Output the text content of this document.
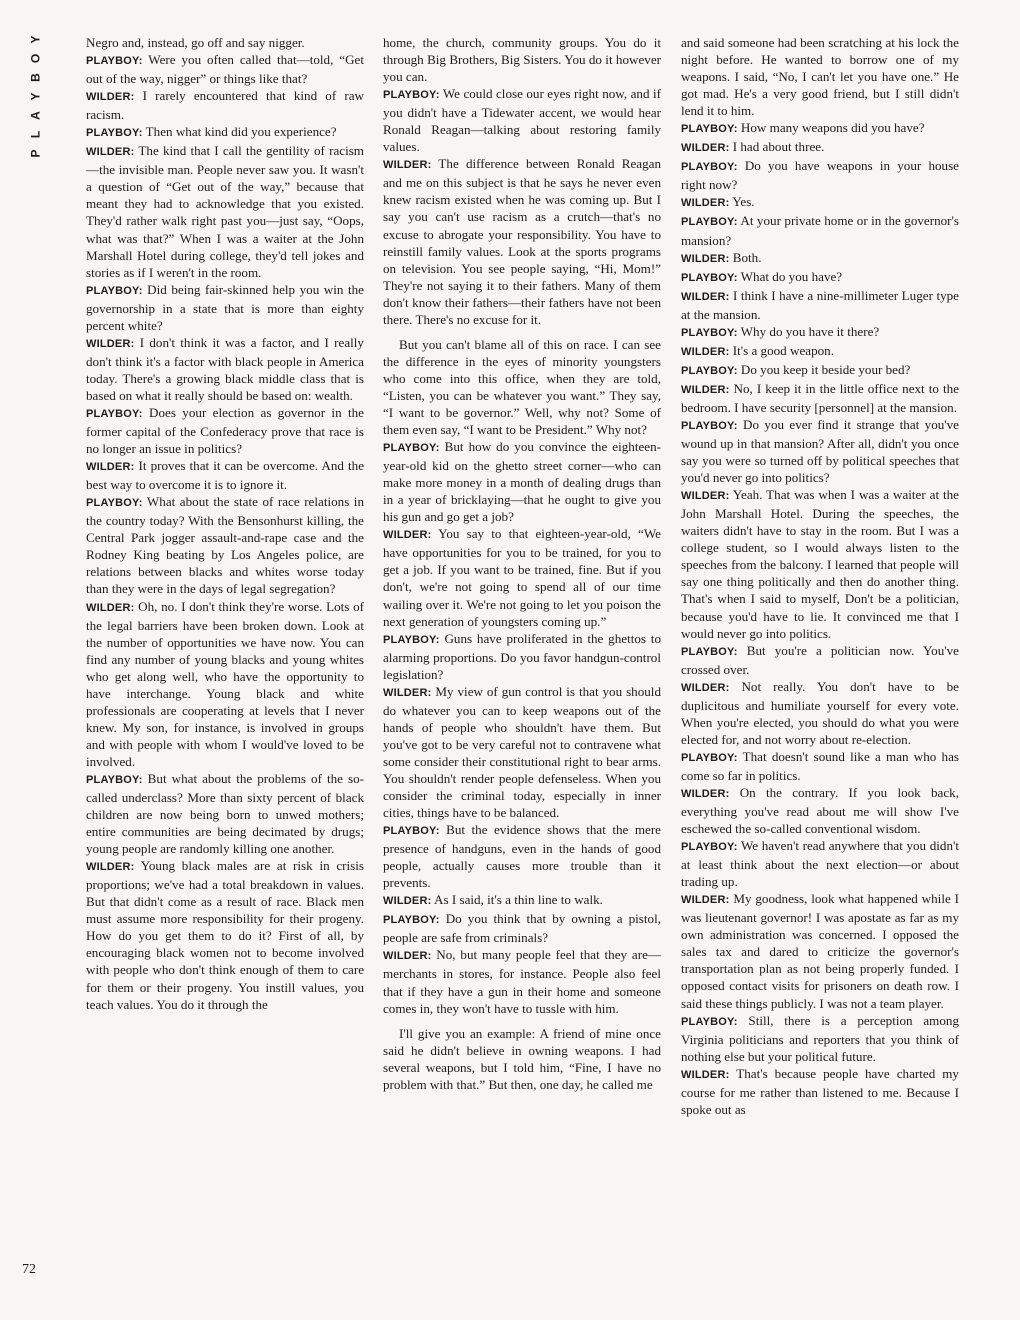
P
L
A
Y
B
O
Y
72

Negro and, instead, go off and say nigger.

PLAYBOY: Were you often called that—told, “Get out of the way, nigger” or things like that?

WILDER: I rarely encountered that kind of raw racism.

PLAYBOY: Then what kind did you experience?

WILDER: The kind that I call the gentility of racism—the invisible man. People never saw you. It wasn't a question of “Get out of the way,” because that meant they had to acknowledge that you existed. They'd rather walk right past you—just say, “Oops, what was that?” When I was a waiter at the John Marshall Hotel during college, they'd tell jokes and stories as if I weren't in the room.

PLAYBOY: Did being fair-skinned help you win the governorship in a state that is more than eighty percent white?

WILDER: I don't think it was a factor, and I really don't think it's a factor with black people in America today. There's a growing black middle class that is based on what it really should be based on: wealth.

PLAYBOY: Does your election as governor in the former capital of the Confederacy prove that race is no longer an issue in politics?

WILDER: It proves that it can be overcome. And the best way to overcome it is to ignore it.

PLAYBOY: What about the state of race relations in the country today? With the Bensonhurst killing, the Central Park jogger assault-and-rape case and the Rodney King beating by Los Angeles police, are relations between blacks and whites worse today than they were in the days of legal segregation?

WILDER: Oh, no. I don't think they're worse. Lots of the legal barriers have been broken down. Look at the number of opportunities we have now. You can find any number of young blacks and young whites who get along well, who have the opportunity to have interchange. Young black and white professionals are cooperating at levels that I never knew. My son, for instance, is involved in groups and with people with whom I would've loved to be involved.

PLAYBOY: But what about the problems of the so-called underclass? More than sixty percent of black children are now being born to unwed mothers; entire communities are being decimated by drugs; young people are randomly killing one another.

WILDER: Young black males are at risk in crisis proportions; we've had a total breakdown in values. But that didn't come as a result of race. Black men must assume more responsibility for their progeny. How do you get them to do it? First of all, by encouraging black women not to become involved with people who don't think enough of them to care for them or their progeny. You instill values, you teach values. You do it through the

home, the church, community groups. You do it through Big Brothers, Big Sisters. You do it however you can.

PLAYBOY: We could close our eyes right now, and if you didn't have a Tidewater accent, we would hear Ronald Reagan—talking about restoring family values.

WILDER: The difference between Ronald Reagan and me on this subject is that he says he never even knew racism existed when he was coming up. But I say you can't use racism as a crutch—that's no excuse to abrogate your responsibility. You have to reinstill family values. Look at the sports programs on television. You see people saying, “Hi, Mom!” They're not saying it to their fathers. Many of them don't know their fathers—their fathers have not been there. There's no excuse for it.

But you can't blame all of this on race. I can see the difference in the eyes of minority youngsters who come into this office, when they are told, “Listen, you can be whatever you want.” They say, “I want to be governor.” Well, why not? Some of them even say, “I want to be President.” Why not?

PLAYBOY: But how do you convince the eighteen-year-old kid on the ghetto street corner—who can make more money in a month of dealing drugs than in a year of bricklaying—that he ought to give you his gun and go get a job?

WILDER: You say to that eighteen-year-old, “We have opportunities for you to be trained, for you to get a job. If you want to be trained, fine. But if you don't, we're not going to spend all of our time wailing over it. We're not going to let you poison the next generation of youngsters coming up.”

PLAYBOY: Guns have proliferated in the ghettos to alarming proportions. Do you favor handgun-control legislation?

WILDER: My view of gun control is that you should do whatever you can to keep weapons out of the hands of people who shouldn't have them. But you've got to be very careful not to contravene what some consider their constitutional right to bear arms. You shouldn't render people defenseless. When you consider the criminal today, especially in inner cities, things have to be balanced.

PLAYBOY: But the evidence shows that the mere presence of handguns, even in the hands of good people, actually causes more trouble than it prevents.

WILDER: As I said, it's a thin line to walk.

PLAYBOY: Do you think that by owning a pistol, people are safe from criminals?

WILDER: No, but many people feel that they are—merchants in stores, for instance. People also feel that if they have a gun in their home and someone comes in, they won't have to tussle with him.

I'll give you an example: A friend of mine once said he didn't believe in owning weapons. I had several weapons, but I told him, “Fine, I have no problem with that.” But then, one day, he called me

and said someone had been scratching at his lock the night before. He wanted to borrow one of my weapons. I said, “No, I can't let you have one.” He got mad. He's a very good friend, but I still didn't lend it to him.

PLAYBOY: How many weapons did you have?

WILDER: I had about three.

PLAYBOY: Do you have weapons in your house right now?

WILDER: Yes.

PLAYBOY: At your private home or in the governor's mansion?

WILDER: Both.

PLAYBOY: What do you have?

WILDER: I think I have a nine-millimeter Luger type at the mansion.

PLAYBOY: Why do you have it there?

WILDER: It's a good weapon.

PLAYBOY: Do you keep it beside your bed?

WILDER: No, I keep it in the little office next to the bedroom. I have security [personnel] at the mansion.

PLAYBOY: Do you ever find it strange that you've wound up in that mansion? After all, didn't you once say you were so turned off by political speeches that you'd never go into politics?

WILDER: Yeah. That was when I was a waiter at the John Marshall Hotel. During the speeches, the waiters didn't have to stay in the room. But I was a college student, so I would always listen to the speeches from the balcony. I learned that people will say one thing politically and then do another thing. That's when I said to myself, Don't be a politician, because you'd have to lie. It convinced me that I would never go into politics.

PLAYBOY: But you're a politician now. You've crossed over.

WILDER: Not really. You don't have to be duplicitous and humiliate yourself for every vote. When you're elected, you should do what you were elected for, and not worry about re-election.

PLAYBOY: That doesn't sound like a man who has come so far in politics.

WILDER: On the contrary. If you look back, everything you've read about me will show I've eschewed the so-called conventional wisdom.

PLAYBOY: We haven't read anywhere that you didn't at least think about the next election—or about trading up.

WILDER: My goodness, look what happened while I was lieutenant governor! I was apostate as far as my own administration was concerned. I opposed the sales tax and dared to criticize the governor's transportation plan as not being properly funded. I opposed contact visits for prisoners on death row. I said these things publicly. I was not a team player.

PLAYBOY: Still, there is a perception among Virginia politicians and reporters that you think of nothing else but your political future.

WILDER: That's because people have charted my course for me rather than listened to me. Because I spoke out as
